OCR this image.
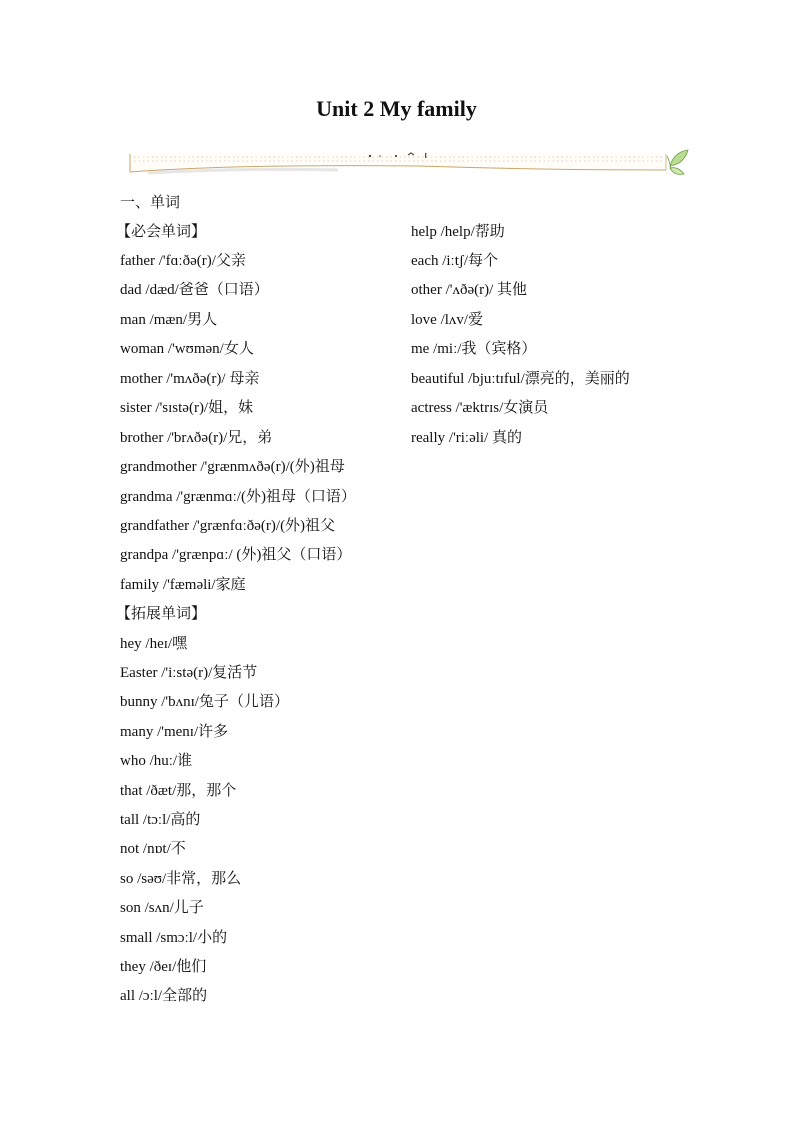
Unit 2 My family
一、单词
【必会单词】
father /'fɑːðə(r)/父亲
dad /dæd/爸爸（口语）
man /mæn/男人
woman /'wʊmən/女人
mother /'mʌðə(r)/ 母亲
sister /'sɪstə(r)/姐，妹
brother /'brʌðə(r)/兄，弟
grandmother /'grænmʌðə(r)/(外)祖母
grandma /'grænmɑː/(外)祖母（口语）
grandfather /'grænfɑːðə(r)/(外)祖父
grandpa /'grænpɑː/ (外)祖父（口语）
family /'fæməli/家庭
【拓展单词】
hey /heɪ/嘿
Easter /'iːstə(r)/复活节
bunny /'bʌnɪ/兔子（儿语）
many /'menɪ/许多
who /huː/谁
that /ðæt/那，那个
tall /tɔːl/高的
not /nɒt/不
so /səʊ/非常，那么
son /sʌn/儿子
small /smɔːl/小的
they /ðeɪ/他们
all /ɔːl/全部的
help /help/帮助
each /iːtʃ/每个
other /'ʌðə(r)/ 其他
love /lʌv/爱
me /miː/我（宾格）
beautiful /bjuːtɪful/漂亮的，美丽的
actress /'æktrɪs/女演员
really /'riːəli/ 真的
